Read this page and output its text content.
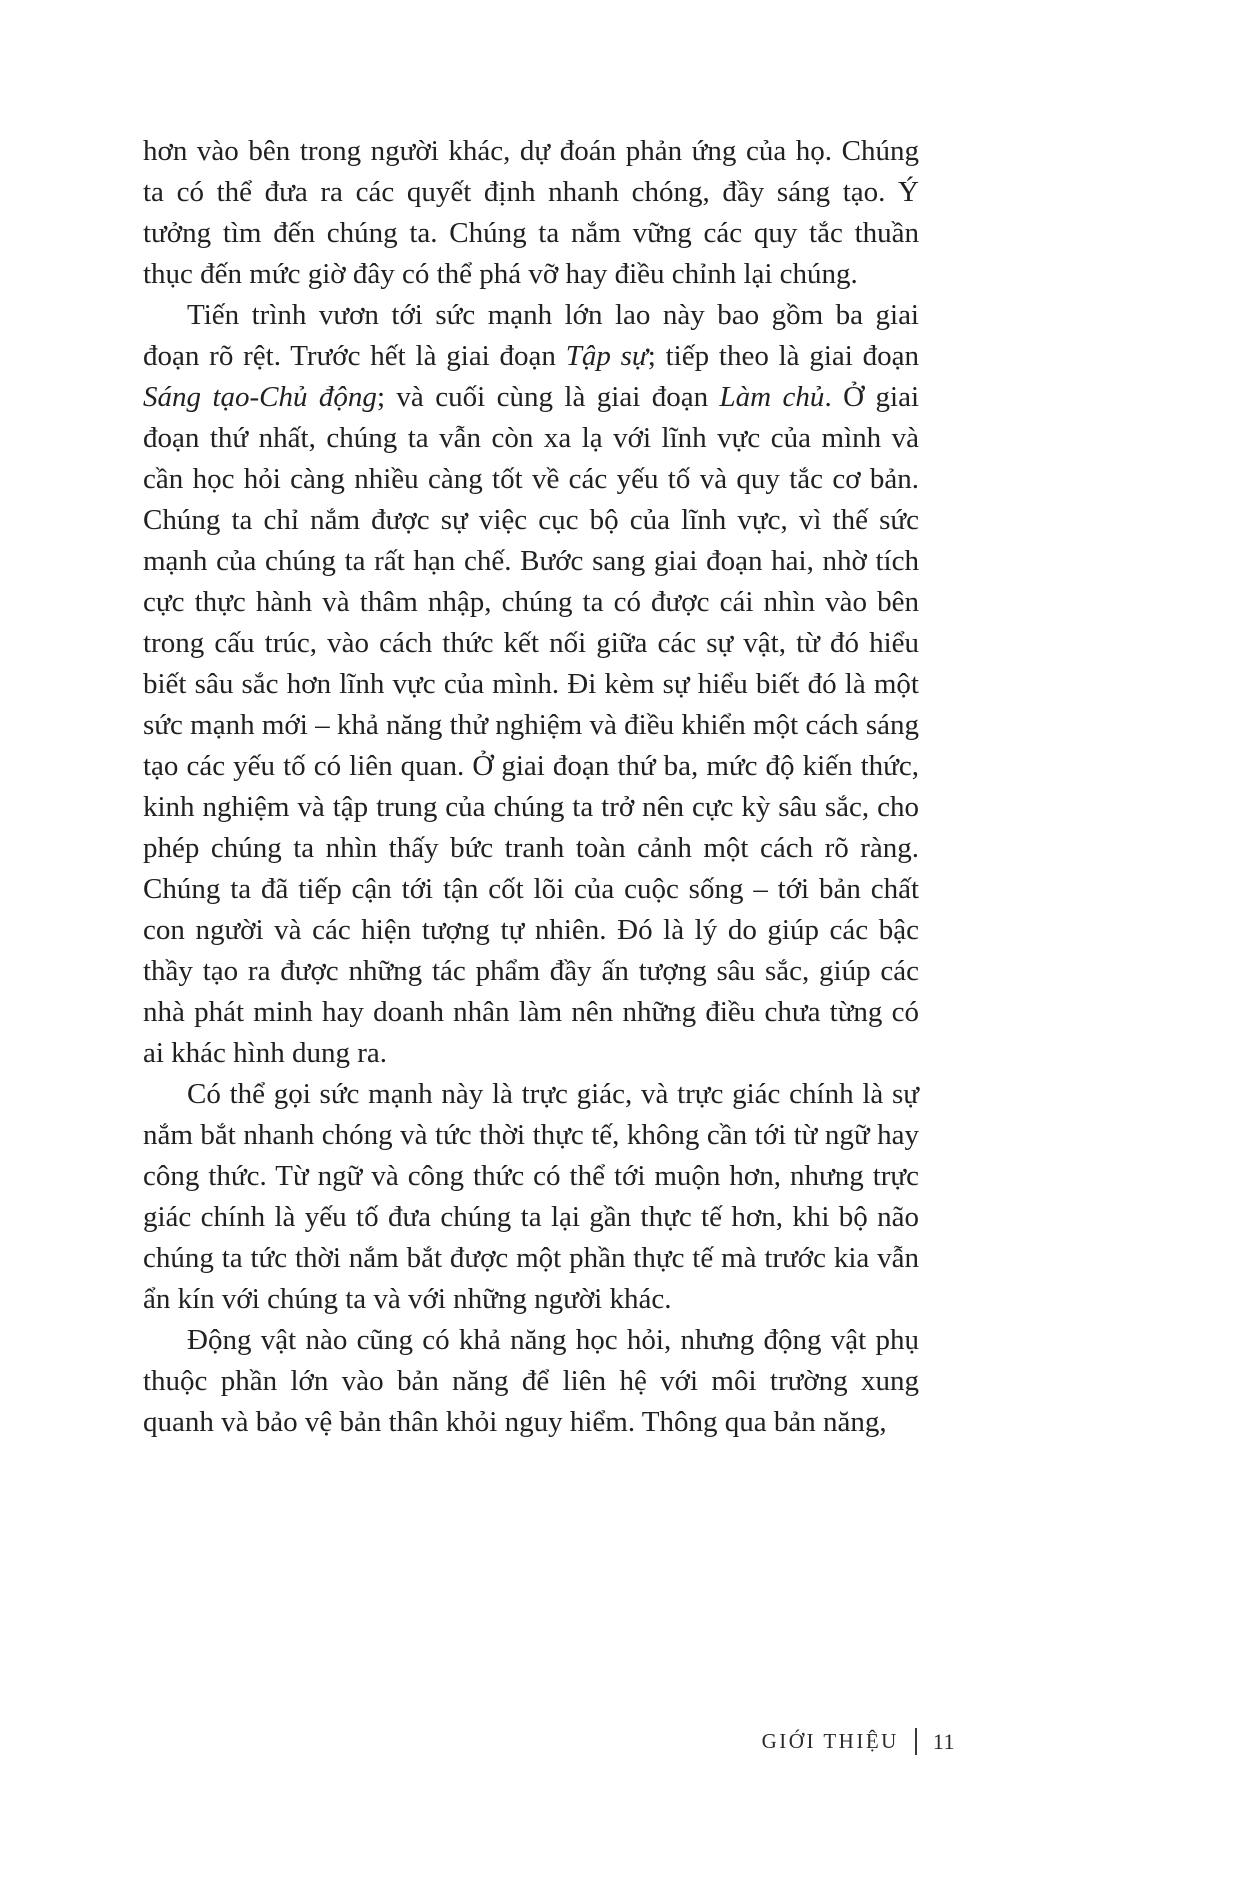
hơn vào bên trong người khác, dự đoán phản ứng của họ. Chúng ta có thể đưa ra các quyết định nhanh chóng, đầy sáng tạo. Ý tưởng tìm đến chúng ta. Chúng ta nắm vững các quy tắc thuần thục đến mức giờ đây có thể phá vỡ hay điều chỉnh lại chúng.

Tiến trình vươn tới sức mạnh lớn lao này bao gồm ba giai đoạn rõ rệt. Trước hết là giai đoạn Tập sự; tiếp theo là giai đoạn Sáng tạo-Chủ động; và cuối cùng là giai đoạn Làm chủ. Ở giai đoạn thứ nhất, chúng ta vẫn còn xa lạ với lĩnh vực của mình và cần học hỏi càng nhiều càng tốt về các yếu tố và quy tắc cơ bản. Chúng ta chỉ nắm được sự việc cục bộ của lĩnh vực, vì thế sức mạnh của chúng ta rất hạn chế. Bước sang giai đoạn hai, nhờ tích cực thực hành và thâm nhập, chúng ta có được cái nhìn vào bên trong cấu trúc, vào cách thức kết nối giữa các sự vật, từ đó hiểu biết sâu sắc hơn lĩnh vực của mình. Đi kèm sự hiểu biết đó là một sức mạnh mới – khả năng thử nghiệm và điều khiển một cách sáng tạo các yếu tố có liên quan. Ở giai đoạn thứ ba, mức độ kiến thức, kinh nghiệm và tập trung của chúng ta trở nên cực kỳ sâu sắc, cho phép chúng ta nhìn thấy bức tranh toàn cảnh một cách rõ ràng. Chúng ta đã tiếp cận tới tận cốt lõi của cuộc sống – tới bản chất con người và các hiện tượng tự nhiên. Đó là lý do giúp các bậc thầy tạo ra được những tác phẩm đầy ấn tượng sâu sắc, giúp các nhà phát minh hay doanh nhân làm nên những điều chưa từng có ai khác hình dung ra.

Có thể gọi sức mạnh này là trực giác, và trực giác chính là sự nắm bắt nhanh chóng và tức thời thực tế, không cần tới từ ngữ hay công thức. Từ ngữ và công thức có thể tới muộn hơn, nhưng trực giác chính là yếu tố đưa chúng ta lại gần thực tế hơn, khi bộ não chúng ta tức thời nắm bắt được một phần thực tế mà trước kia vẫn ẩn kín với chúng ta và với những người khác.

Động vật nào cũng có khả năng học hỏi, nhưng động vật phụ thuộc phần lớn vào bản năng để liên hệ với môi trường xung quanh và bảo vệ bản thân khỏi nguy hiểm. Thông qua bản năng,

GIỚI THIỆU 11
